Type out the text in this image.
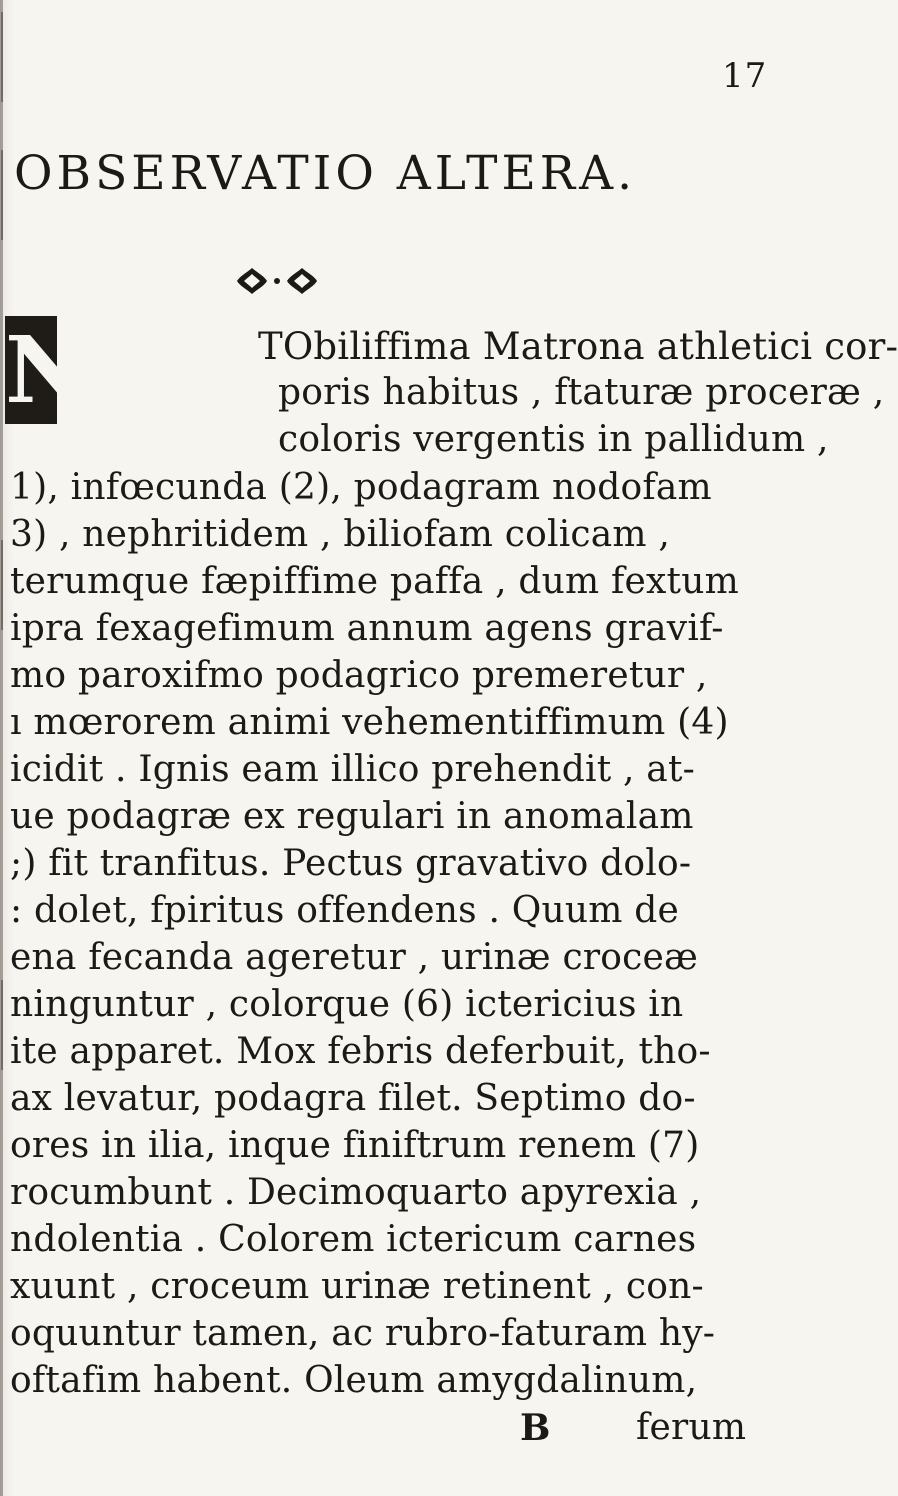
17
OBSERVATIO ALTERA.
N	TObiliffima Matrona athletici cor-
poris habitus , ftaturæ proceræ ,
coloris vergentis in pallidum ,
1), infœcunda (2), podagram nodofam
3) , nephritidem , biliofam colicam ,
terumque fæpiffime paffa , dum fextum
ipra fexagefimum annum agens gravif-
mo paroxifmo podagrico premeretur ,
ı mœrorem animi vehementiffimum (4)
icidit . Ignis eam illico prehendit , at-
ue podagræ ex regulari in anomalam
;) fit tranfitus. Pectus gravativo dolo-
: dolet, fpiritus offendens . Quum de
ena fecanda ageretur , urinæ croceæ
ninguntur , colorque (6) ictericius in
ite apparet. Mox febris deferbuit, tho-
ax levatur, podagra filet. Septimo do-
ores in ilia, inque finiftrum renem (7)
rocumbunt . Decimoquarto apyrexia ,
ndolentia . Colorem ictericum carnes
xuunt , croceum urinæ retinent , con-
oquuntur tamen, ac rubro-faturam hy-
oftafim habent. Oleum amygdalinum,
B ferum
